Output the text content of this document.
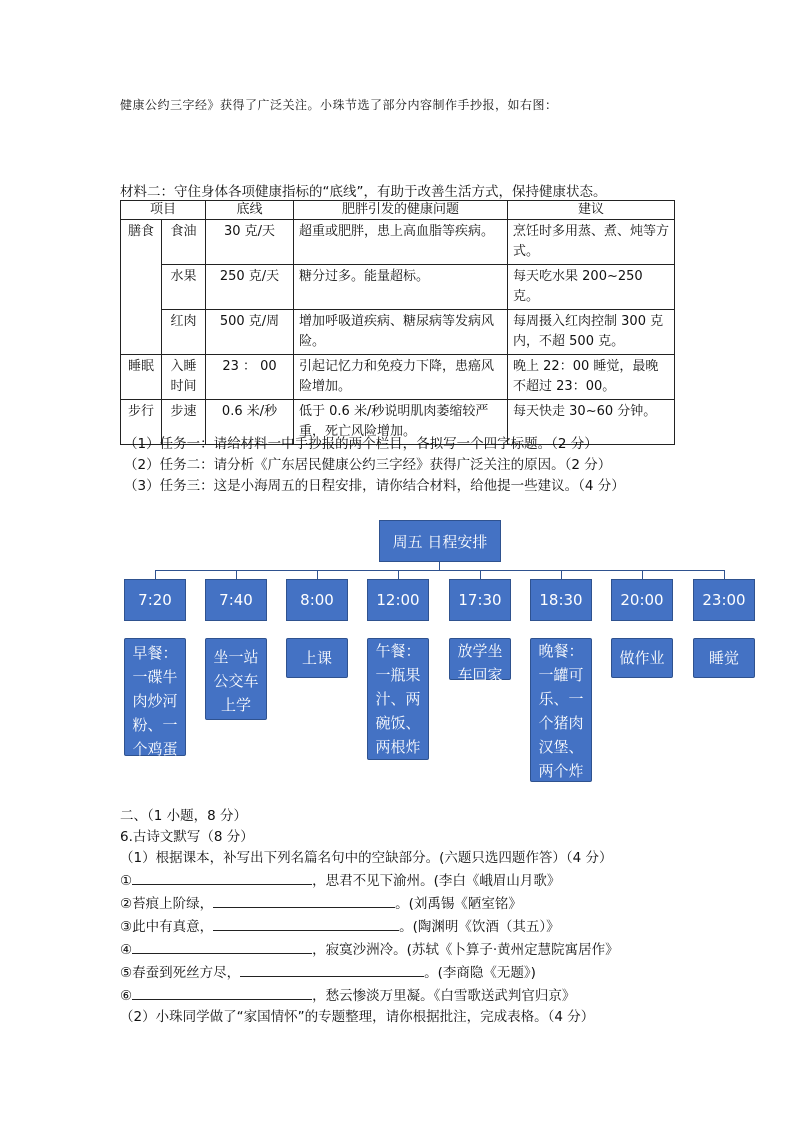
健康公约三字经》获得了广泛关注。小珠节选了部分内容制作手抄报，如右图：
材料二：守住身体各项健康指标的“底线”，有助于改善生活方式，保持健康状态。
项目		底线	肥胖引发的健康问题	建议
膳食	食油	30 克/天	超重或肥胖，患上高血脂等疾病。	烹饪时多用蒸、煮、炖等方式。
	水果	250 克/天	糖分过多。能量超标。	每天吃水果 200~250 克。
	红肉	500 克/周	增加呼吸道疾病、糖尿病等发病风险。	每周摄入红肉控制 300 克内，不超 500 克。
睡眠	入睡时间	23 ： 00	引起记忆力和免疫力下降，患癌风险增加。	晚上 22：00 睡觉，最晚不超过 23：00。
步行	步速	0.6 米/秒	低于 0.6 米/秒说明肌肉萎缩较严重，死亡风险增加。	每天快走 30~60 分钟。
（1）任务一：请给材料一中手抄报的两个栏目，各拟写一个四字标题。（2 分）
（2）任务二：请分析《广东居民健康公约三字经》获得广泛关注的原因。（2 分）
（3）任务三：这是小海周五的日程安排，请你结合材料，给他提一些建议。（4 分）
周五 日程安排
7:20	7:40	8:00	12:00	17:30	18:30	20:00	23:00
早餐：一碟牛肉炒河粉、一个鸡蛋
坐一站公交车上学
上课	午餐：一瓶果汁、两碗饭、两根炸排骨
放学坐车回家
晚餐：一罐可乐、一个猪肉汉堡、两个炸鸡腿
做作业	睡觉
二、（1 小题，8 分）
6.古诗文默写（8 分）
（1）根据课本，补写出下列名篇名句中的空缺部分。(六题只选四题作答）（4 分）
①	，思君不见下渝州。(李白《峨眉山月歌》
②苔痕上阶绿，	。(刘禹锡《陋室铭》
③此中有真意，	。(陶渊明《饮酒（其五）》
④	，寂寞沙洲冷。(苏轼《卜算子·黄州定慧院寓居作》
⑤春蚕到死丝方尽，	。(李商隐《无题》)
⑥	，愁云惨淡万里凝。《白雪歌送武判官归京》
（2）小珠同学做了“家国情怀”的专题整理，请你根据批注，完成表格。（4 分）
